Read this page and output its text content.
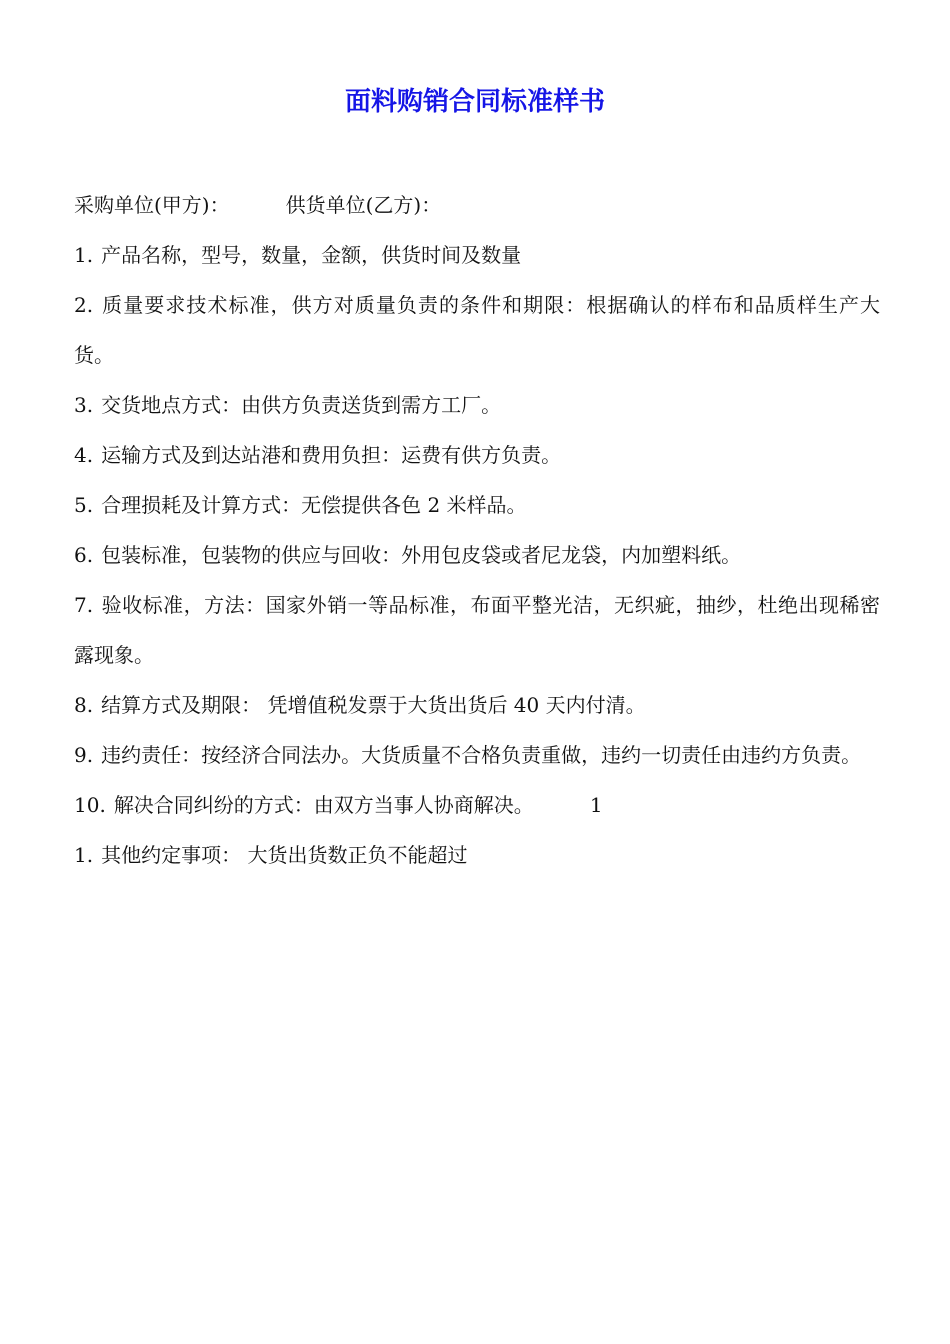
面料购销合同标准样书
采购单位(甲方)：	供货单位(乙方)：
1. 产品名称，型号，数量，金额，供货时间及数量
2. 质量要求技术标准，供方对质量负责的条件和期限：根据确认的样布和品质样生产大货。
3. 交货地点方式：由供方负责送货到需方工厂。
4. 运输方式及到达站港和费用负担：运费有供方负责。
5. 合理损耗及计算方式：无偿提供各色 2 米样品。
6. 包装标准，包装物的供应与回收：外用包皮袋或者尼龙袋，内加塑料纸。
7. 验收标准，方法：国家外销一等品标准，布面平整光洁，无织疵，抽纱，杜绝出现稀密露现象。
8. 结算方式及期限： 凭增值税发票于大货出货后 40 天内付清。
9. 违约责任：按经济合同法办。大货质量不合格负责重做，违约一切责任由违约方负责。
10. 解决合同纠纷的方式：由双方当事人协商解决。	1
1. 其他约定事项： 大货出货数正负不能超过
